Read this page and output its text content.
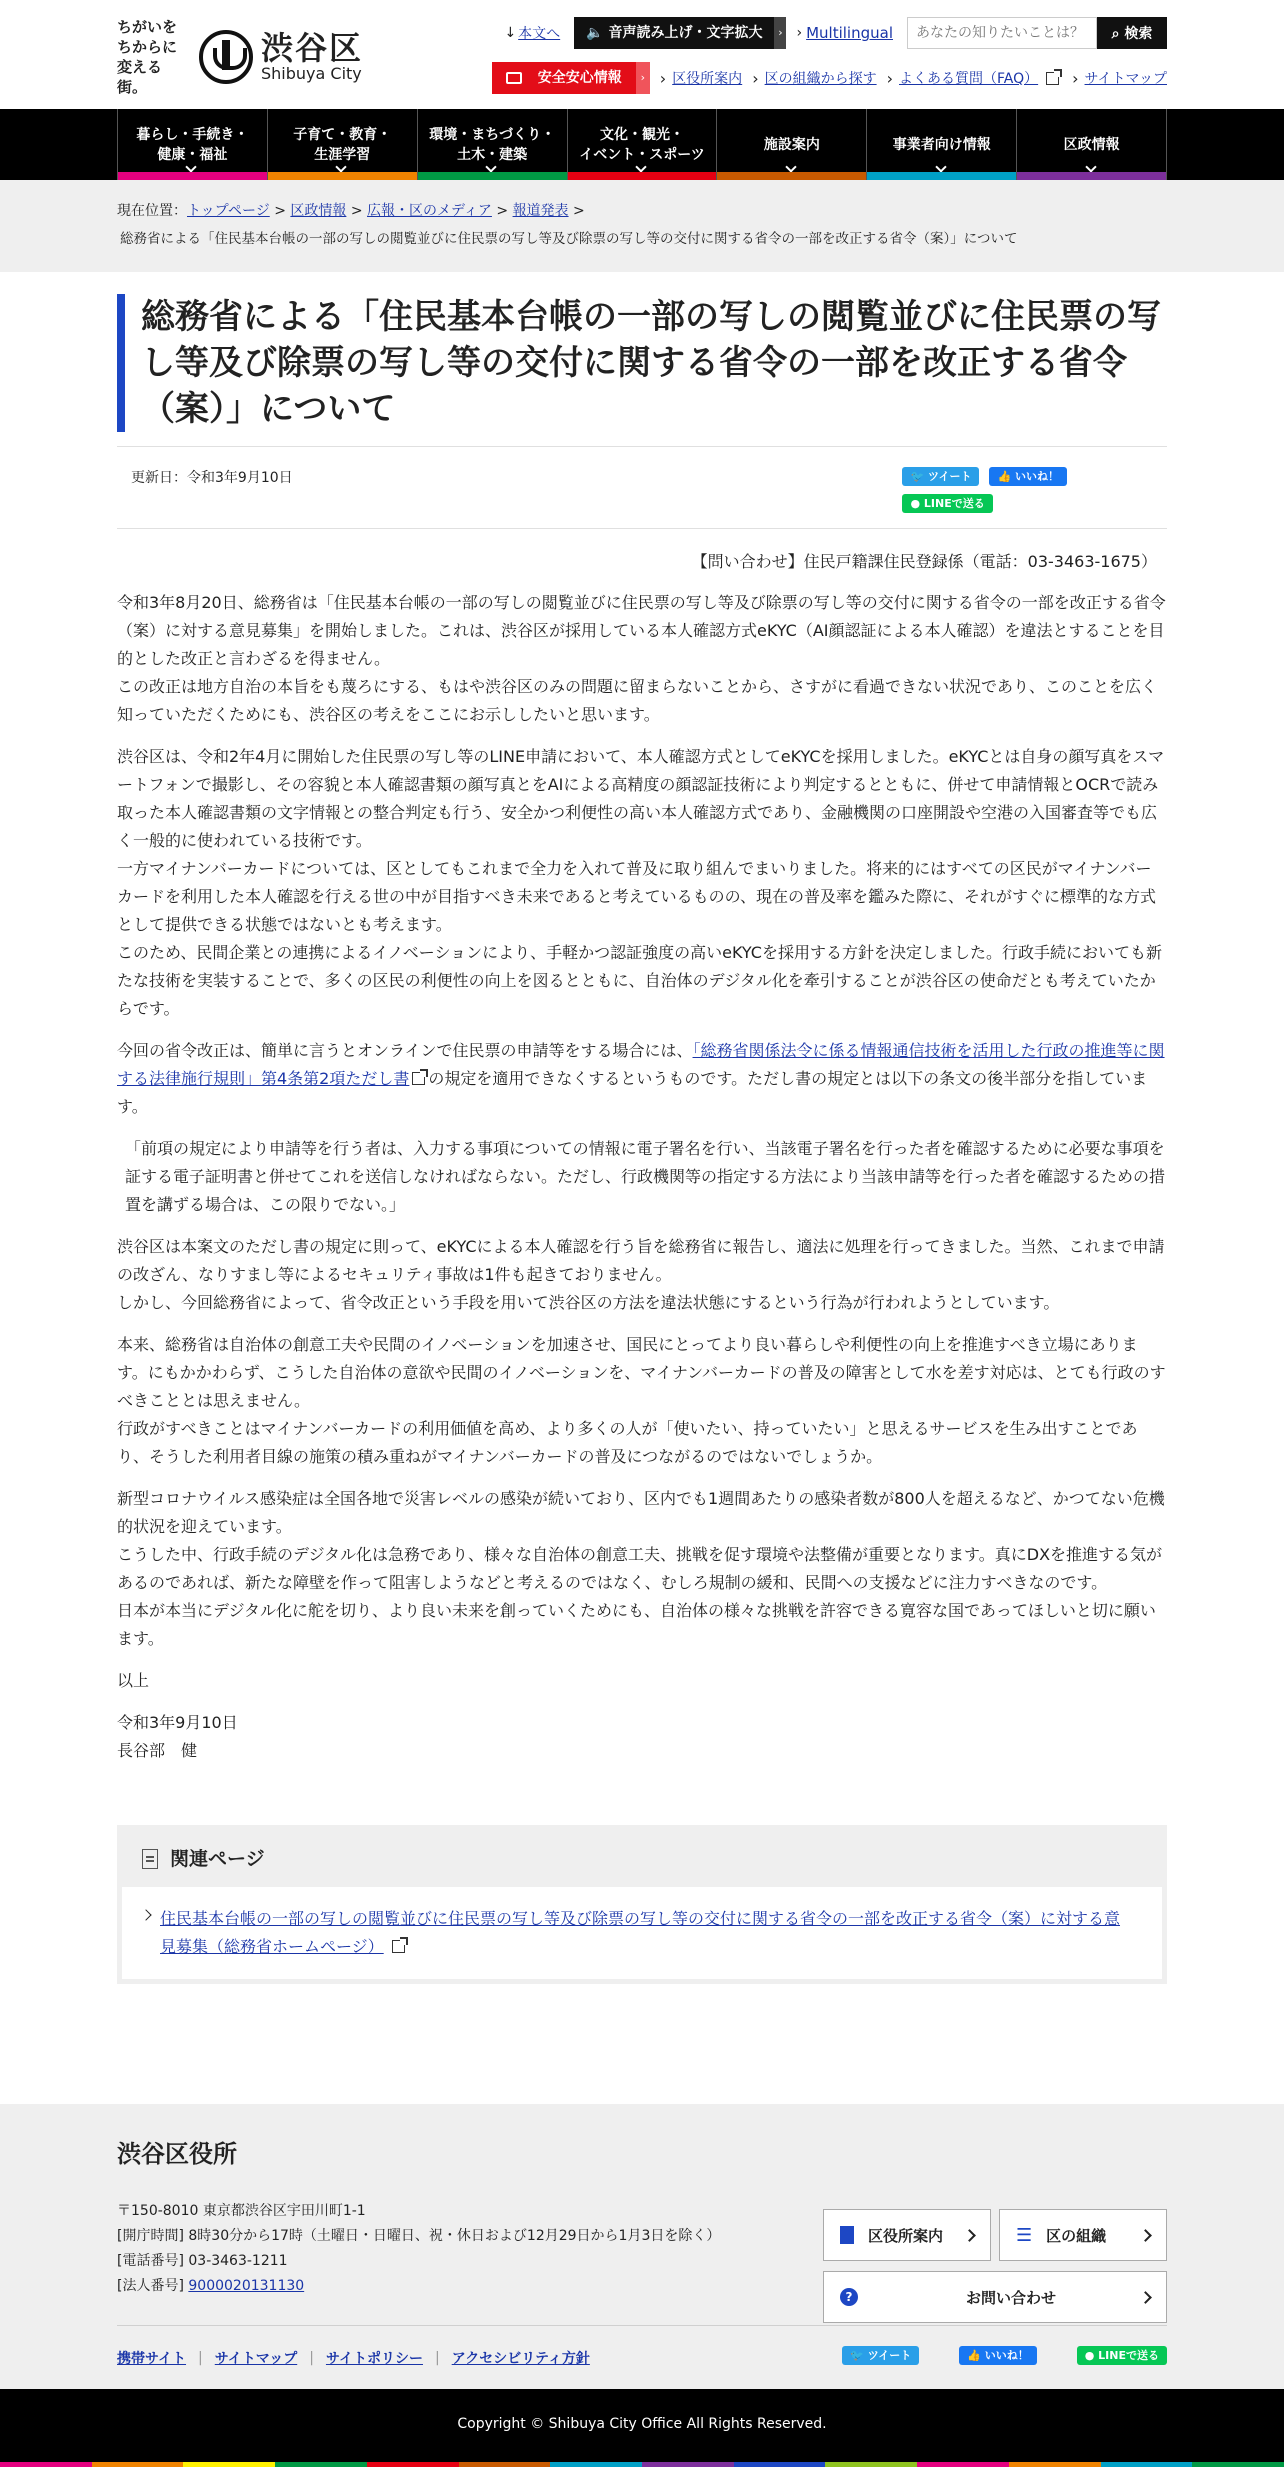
ちがいを
ちからに
変える街。
渋谷区
Shibuya City
↓ 本文へ	🔈 音声読み上げ・文字拡大	› › Multilingual
あなたの知りたいことは？	⌕ 検索
安全安心情報	› › 区役所案内 › 区の組織から探す › よくある質問（FAQ） › サイトマップ
暮らし・手続き・
健康・福祉
子育て・教育・
生涯学習
環境・まちづくり・
土木・建築
文化・観光・
イベント・スポーツ
施設案内	事業者向け情報	区政情報
現在位置：トップページ > 区政情報 > 広報・区のメディア > 報道発表 >
総務省による「住民基本台帳の一部の写しの閲覧並びに住民票の写し等及び除票の写し等の交付に関する省令の一部を改正する省令（案）」について
総務省による「住民基本台帳の一部の写しの閲覧並びに住民票の写し等及び除票の写し等の交付に関する省令の一部を改正する省令（案）」について
更新日：令和3年9月10日	🐦 ツイート	👍 いいね！
● LINEで送る
【問い合わせ】住民戸籍課住民登録係（電話：03-3463-1675）

令和3年8月20日、総務省は「住民基本台帳の一部の写しの閲覧並びに住民票の写し等及び除票の写し等の交付に関する省令の一部を改正する省令（案）に対する意見募集」を開始しました。これは、渋谷区が採用している本人確認方式eKYC（AI顔認証による本人確認）を違法とすることを目的とした改正と言わざるを得ません。

この改正は地方自治の本旨をも蔑ろにする、もはや渋谷区のみの問題に留まらないことから、さすがに看過できない状況であり、このことを広く知っていただくためにも、渋谷区の考えをここにお示ししたいと思います。

渋谷区は、令和2年4月に開始した住民票の写し等のLINE申請において、本人確認方式としてeKYCを採用しました。eKYCとは自身の顔写真をスマートフォンで撮影し、その容貌と本人確認書類の顔写真とをAIによる高精度の顔認証技術により判定するとともに、併せて申請情報とOCRで読み取った本人確認書類の文字情報との整合判定も行う、安全かつ利便性の高い本人確認方式であり、金融機関の口座開設や空港の入国審査等でも広く一般的に使われている技術です。

一方マイナンバーカードについては、区としてもこれまで全力を入れて普及に取り組んでまいりました。将来的にはすべての区民がマイナンバーカードを利用した本人確認を行える世の中が目指すべき未来であると考えているものの、現在の普及率を鑑みた際に、それがすぐに標準的な方式として提供できる状態ではないとも考えます。

このため、民間企業との連携によるイノベーションにより、手軽かつ認証強度の高いeKYCを採用する方針を決定しました。行政手続においても新たな技術を実装することで、多くの区民の利便性の向上を図るとともに、自治体のデジタル化を牽引することが渋谷区の使命だとも考えていたからです。

今回の省令改正は、簡単に言うとオンラインで住民票の申請等をする場合には、「総務省関係法令に係る情報通信技術を活用した行政の推進等に関する法律施行規則」第4条第2項ただし書 の規定を適用できなくするというものです。ただし書の規定とは以下の条文の後半部分を指しています。

「前項の規定により申請等を行う者は、入力する事項についての情報に電子署名を行い、当該電子署名を行った者を確認するために必要な事項を証する電子証明書と併せてこれを送信しなければならない。ただし、行政機関等の指定する方法により当該申請等を行った者を確認するための措置を講ずる場合は、この限りでない。」

渋谷区は本案文のただし書の規定に則って、eKYCによる本人確認を行う旨を総務省に報告し、適法に処理を行ってきました。当然、これまで申請の改ざん、なりすまし等によるセキュリティ事故は1件も起きておりません。

しかし、今回総務省によって、省令改正という手段を用いて渋谷区の方法を違法状態にするという行為が行われようとしています。

本来、総務省は自治体の創意工夫や民間のイノベーションを加速させ、国民にとってより良い暮らしや利便性の向上を推進すべき立場にあります。にもかかわらず、こうした自治体の意欲や民間のイノベーションを、マイナンバーカードの普及の障害として水を差す対応は、とても行政のすべきこととは思えません。

行政がすべきことはマイナンバーカードの利用価値を高め、より多くの人が「使いたい、持っていたい」と思えるサービスを生み出すことであり、そうした利用者目線の施策の積み重ねがマイナンバーカードの普及につながるのではないでしょうか。

新型コロナウイルス感染症は全国各地で災害レベルの感染が続いており、区内でも1週間あたりの感染者数が800人を超えるなど、かつてない危機的状況を迎えています。

こうした中、行政手続のデジタル化は急務であり、様々な自治体の創意工夫、挑戦を促す環境や法整備が重要となります。真にDXを推進する気があるのであれば、新たな障壁を作って阻害しようなどと考えるのではなく、むしろ規制の緩和、民間への支援などに注力すべきなのです。

日本が本当にデジタル化に舵を切り、より良い未来を創っていくためにも、自治体の様々な挑戦を許容できる寛容な国であってほしいと切に願います。

以上

令和3年9月10日

長谷部　健

関連ページ
住民基本台帳の一部の写しの閲覧並びに住民票の写し等及び除票の写し等の交付に関する省令の一部を改正する省令（案）に対する意見募集（総務省ホームページ）
渋谷区役所
〒150-8010 東京都渋谷区宇田川町1-1
[開庁時間] 8時30分から17時（土曜日・日曜日、祝・休日および12月29日から1月3日を除く）
[電話番号] 03-3463-1211
[法人番号] 9000020131130
区役所案内	☰ 区の組織
?	お問い合わせ
携帯サイト | サイトマップ | サイトポリシー | アクセシビリティ方針	🐦 ツイート	👍 いいね！	● LINEで送る
Copyright © Shibuya City Office All Rights Reserved.
